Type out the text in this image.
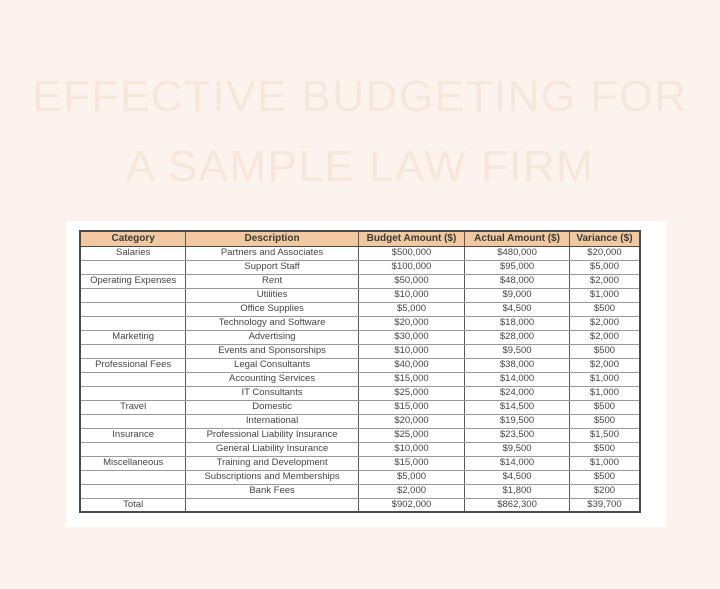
EFFECTIVE BUDGETING FOR
A SAMPLE LAW FIRM
Category	Description	Budget Amount ($)	Actual Amount ($)	Variance ($)
Salaries	Partners and Associates	$500,000	$480,000	$20,000
	Support Staff	$100,000	$95,000	$5,000
Operating Expenses	Rent	$50,000	$48,000	$2,000
	Utilities	$10,000	$9,000	$1,000
	Office Supplies	$5,000	$4,500	$500
	Technology and Software	$20,000	$18,000	$2,000
Marketing	Advertising	$30,000	$28,000	$2,000
	Events and Sponsorships	$10,000	$9,500	$500
Professional Fees	Legal Consultants	$40,000	$38,000	$2,000
	Accounting Services	$15,000	$14,000	$1,000
	IT Consultants	$25,000	$24,000	$1,000
Travel	Domestic	$15,000	$14,500	$500
	International	$20,000	$19,500	$500
Insurance	Professional Liability Insurance	$25,000	$23,500	$1,500
	General Liability Insurance	$10,000	$9,500	$500
Miscellaneous	Training and Development	$15,000	$14,000	$1,000
	Subscriptions and Memberships	$5,000	$4,500	$500
	Bank Fees	$2,000	$1,800	$200
Total		$902,000	$862,300	$39,700
